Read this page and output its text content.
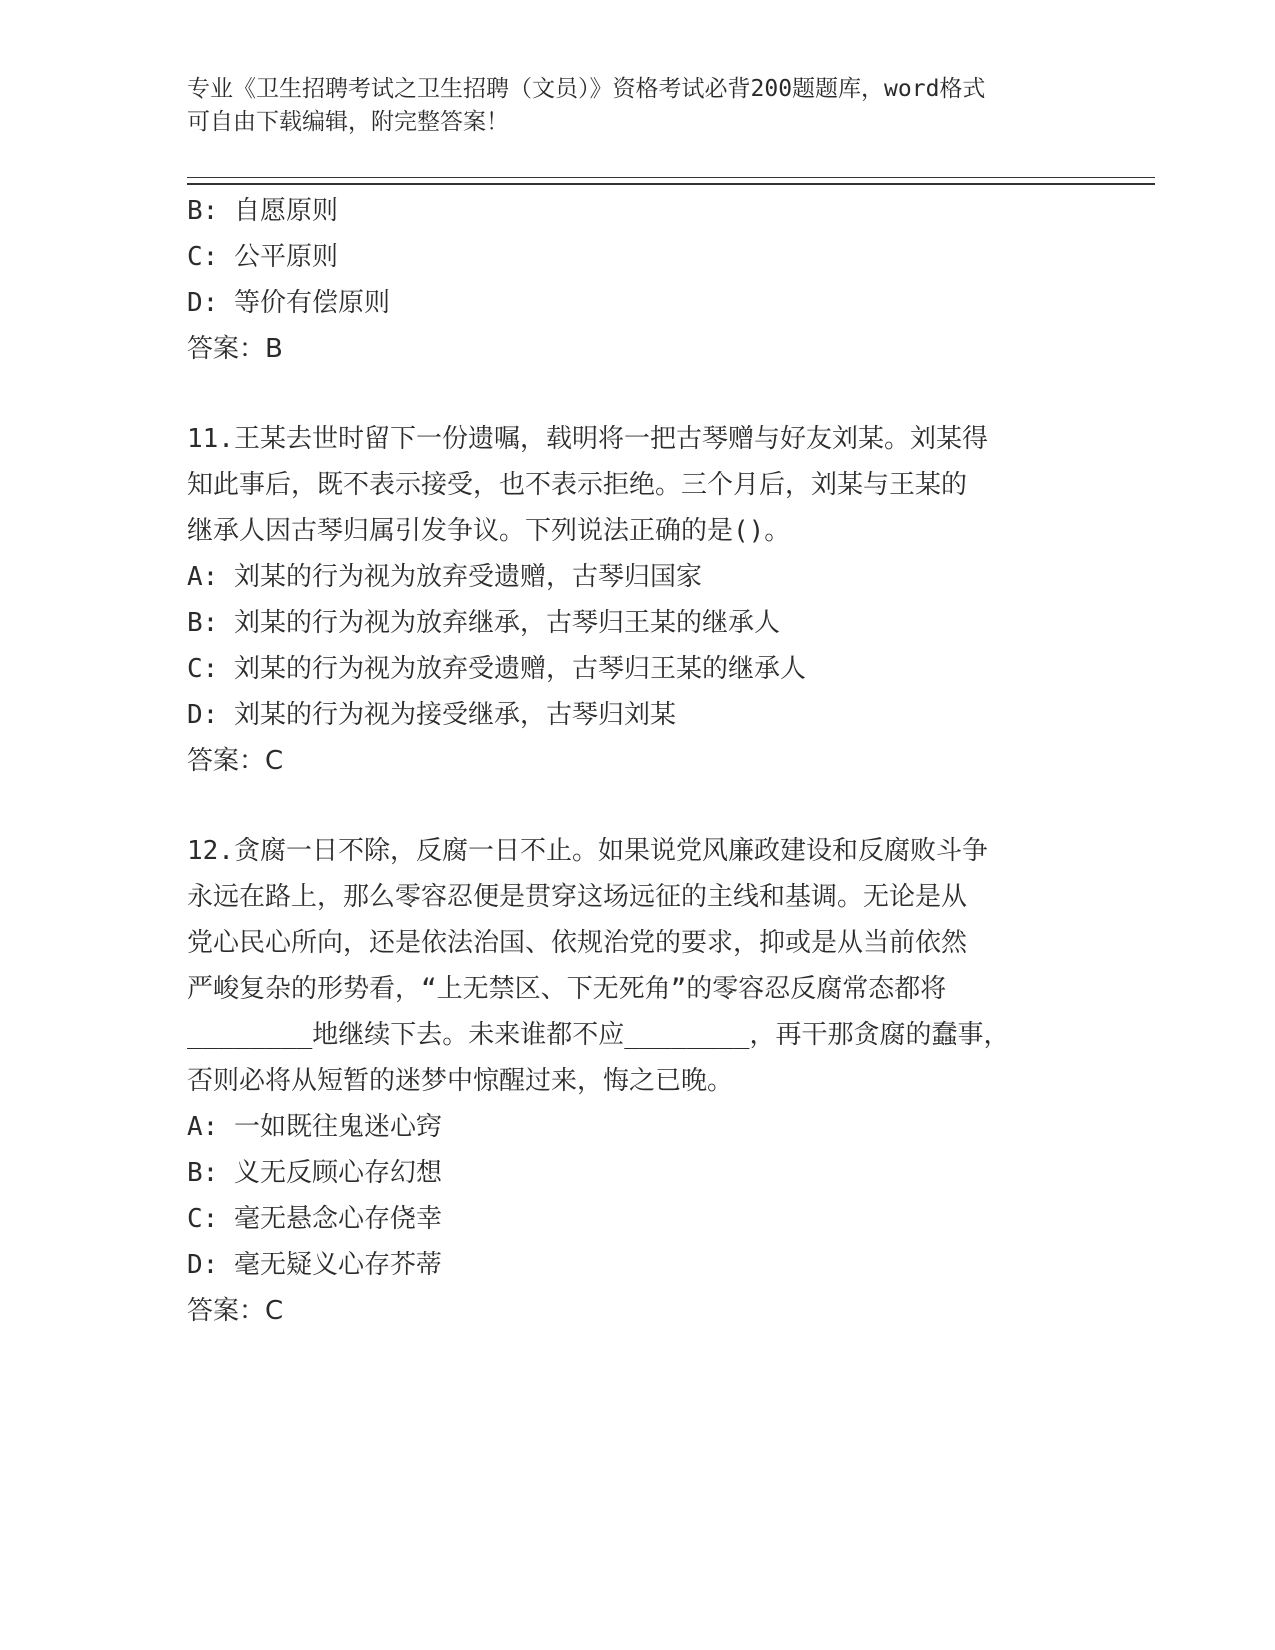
专业《卫生招聘考试之卫生招聘（文员）》资格考试必背200题题库，word格式
可自由下载编辑，附完整答案！
B: 自愿原则
C: 公平原则
D: 等价有偿原则
答案：B
11.王某去世时留下一份遗嘱，载明将一把古琴赠与好友刘某。刘某得
知此事后，既不表示接受，也不表示拒绝。三个月后，刘某与王某的
继承人因古琴归属引发争议。下列说法正确的是()。
A: 刘某的行为视为放弃受遗赠，古琴归国家
B: 刘某的行为视为放弃继承，古琴归王某的继承人
C: 刘某的行为视为放弃受遗赠，古琴归王某的继承人
D: 刘某的行为视为接受继承，古琴归刘某
答案：C
12.贪腐一日不除，反腐一日不止。如果说党风廉政建设和反腐败斗争
永远在路上，那么零容忍便是贯穿这场远征的主线和基调。无论是从
党心民心所向，还是依法治国、依规治党的要求，抑或是从当前依然
严峻复杂的形势看，“上无禁区、下无死角”的零容忍反腐常态都将
________地继续下去。未来谁都不应________，再干那贪腐的蠢事，
否则必将从短暂的迷梦中惊醒过来，悔之已晚。
A: 一如既往鬼迷心窍
B: 义无反顾心存幻想
C: 毫无悬念心存侥幸
D: 毫无疑义心存芥蒂
答案：C
